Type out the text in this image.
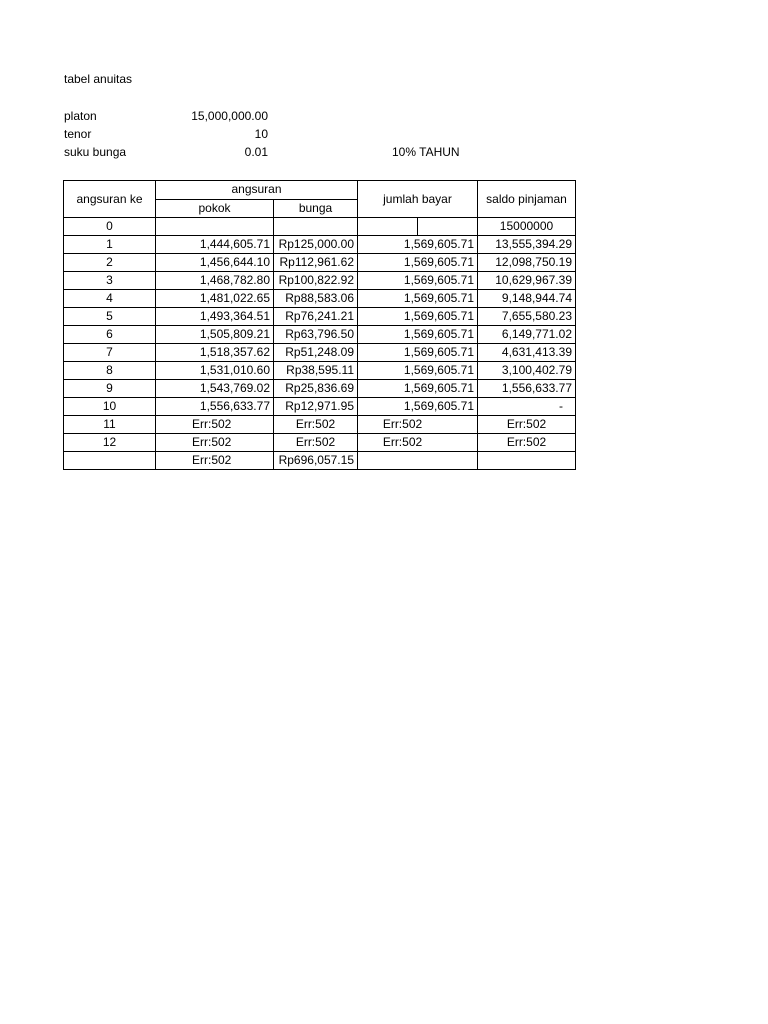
tabel anuitas
platon	15,000,000.00
tenor	10
suku bunga	0.01	10% TAHUN
angsuran ke	angsuran		jumlah bayar		saldo pinjaman
	pokok	bunga			
0					15000000
1	1,444,605.71	Rp125,000.00	1,569,605.71		13,555,394.29
2	1,456,644.10	Rp112,961.62	1,569,605.71		12,098,750.19
3	1,468,782.80	Rp100,822.92	1,569,605.71		10,629,967.39
4	1,481,022.65	Rp88,583.06	1,569,605.71		9,148,944.74
5	1,493,364.51	Rp76,241.21	1,569,605.71		7,655,580.23
6	1,505,809.21	Rp63,796.50	1,569,605.71		6,149,771.02
7	1,518,357.62	Rp51,248.09	1,569,605.71		4,631,413.39
8	1,531,010.60	Rp38,595.11	1,569,605.71		3,100,402.79
9	1,543,769.02	Rp25,836.69	1,569,605.71		1,556,633.77
10	1,556,633.77	Rp12,971.95	1,569,605.71		-
11	Err:502	Err:502	Err:502		Err:502
12	Err:502	Err:502	Err:502		Err:502
	Err:502	Rp696,057.15			
